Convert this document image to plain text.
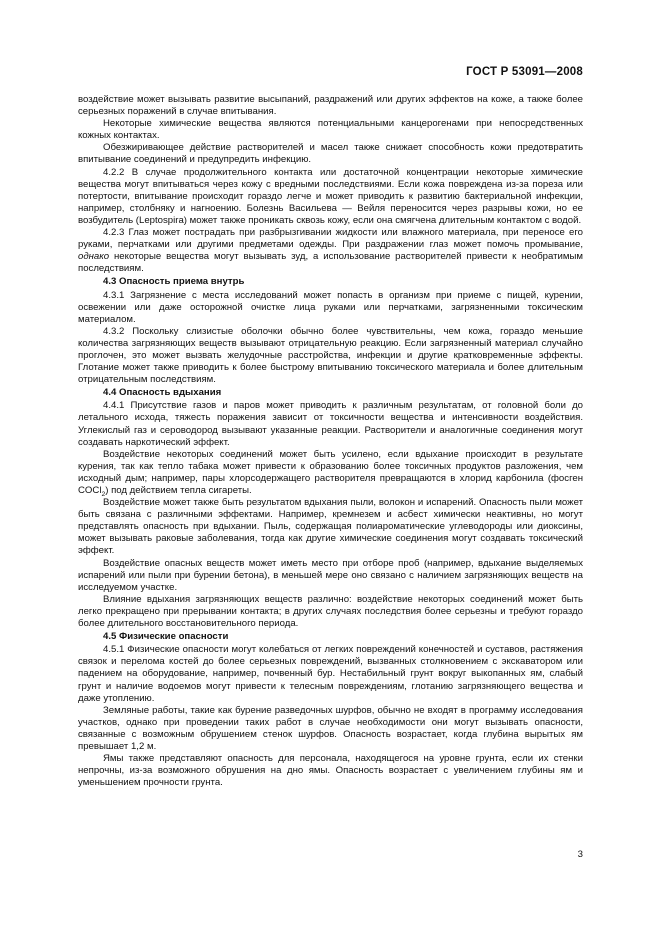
ГОСТ Р 53091—2008

воздействие может вызывать развитие высыпаний, раздражений или других эффектов на коже, а также более серьезных поражений в случае впитывания.

Некоторые химические вещества являются потенциальными канцерогенами при непосредственных кожных контактах.

Обезжиривающее действие растворителей и масел также снижает способность кожи предотвратить впитывание соединений и предупредить инфекцию.

4.2.2 В случае продолжительного контакта или достаточной концентрации некоторые химические вещества могут впитываться через кожу с вредными последствиями. Если кожа повреждена из-за пореза или потертости, впитывание происходит гораздо легче и может приводить к развитию бактериальной инфекции, например, столбняку и нагноению. Болезнь Васильева — Вейля переносится через разрывы кожи, но ее возбудитель (Leptospira) может также проникать сквозь кожу, если она смягчена длительным контактом с водой.

4.2.3 Глаз может пострадать при разбрызгивании жидкости или влажного материала, при переносе его руками, перчатками или другими предметами одежды. При раздражении глаз может помочь промывание, однако некоторые вещества могут вызывать зуд, а использование растворителей привести к необратимым последствиям.

4.3 Опасность приема внутрь

4.3.1 Загрязнение с места исследований может попасть в организм при приеме с пищей, курении, освежении или даже осторожной очистке лица руками или перчатками, загрязненными токсическим материалом.

4.3.2 Поскольку слизистые оболочки обычно более чувствительны, чем кожа, гораздо меньшие количества загрязняющих веществ вызывают отрицательную реакцию. Если загрязненный материал случайно проглочен, это может вызвать желудочные расстройства, инфекции и другие кратковременные эффекты. Глотание может также приводить к более быстрому впитыванию токсического материала и более длительным отрицательным последствиям.

4.4 Опасность вдыхания

4.4.1 Присутствие газов и паров может приводить к различным результатам, от головной боли до летального исхода, тяжесть поражения зависит от токсичности вещества и интенсивности воздействия. Углекислый газ и сероводород вызывают указанные реакции. Растворители и аналогичные соединения могут создавать наркотический эффект.

Воздействие некоторых соединений может быть усилено, если вдыхание происходит в результате курения, так как тепло табака может привести к образованию более токсичных продуктов разложения, чем исходный дым; например, пары хлорсодержащего растворителя превращаются в хлорид карбонила (фосген COCl$_2$) под действием тепла сигареты.

Воздействие может также быть результатом вдыхания пыли, волокон и испарений. Опасность пыли может быть связана с различными эффектами. Например, кремнезем и асбест химически неактивны, но могут представлять опасность при вдыхании. Пыль, содержащая полиароматические углеводороды или диоксины, может вызывать раковые заболевания, тогда как другие химические соединения могут создавать токсический эффект.

Воздействие опасных веществ может иметь место при отборе проб (например, вдыхание выделяемых испарений или пыли при бурении бетона), в меньшей мере оно связано с наличием загрязняющих веществ на исследуемом участке.

Влияние вдыхания загрязняющих веществ различно: воздействие некоторых соединений может быть легко прекращено при прерывании контакта; в других случаях последствия более серьезны и требуют гораздо более длительного восстановительного периода.

4.5 Физические опасности

4.5.1 Физические опасности могут колебаться от легких повреждений конечностей и суставов, растяжения связок и перелома костей до более серьезных повреждений, вызванных столкновением с экскаватором или падением на оборудование, например, почвенный бур. Нестабильный грунт вокруг выкопанных ям, слабый грунт и наличие водоемов могут привести к телесным повреждениям, глотанию загрязняющего вещества и даже утоплению.

Земляные работы, такие как бурение разведочных шурфов, обычно не входят в программу исследования участков, однако при проведении таких работ в случае необходимости они могут вызывать опасности, связанные с возможным обрушением стенок шурфов. Опасность возрастает, когда глубина вырытых ям превышает 1,2 м.

Ямы также представляют опасность для персонала, находящегося на уровне грунта, если их стенки непрочны, из-за возможного обрушения на дно ямы. Опасность возрастает с увеличением глубины ям и уменьшением прочности грунта.

3
